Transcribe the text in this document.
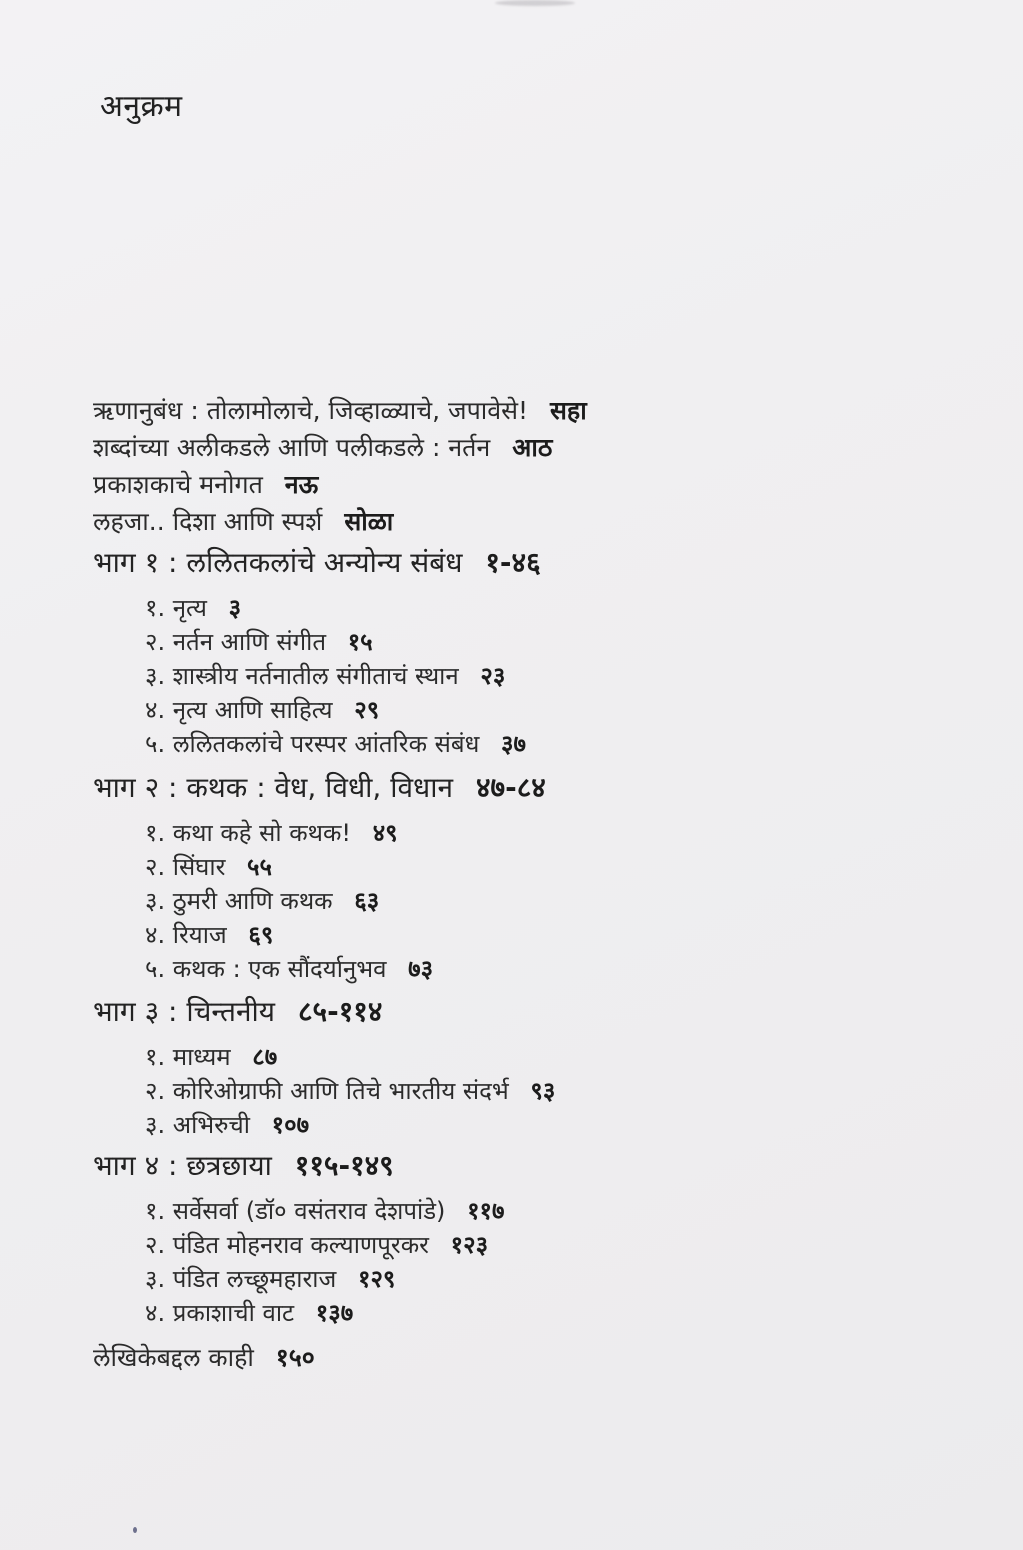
अनुक्रम
ऋणानुबंध : तोलामोलाचे, जिव्हाळ्याचे, जपावेसे! सहा
शब्दांच्या अलीकडले आणि पलीकडले : नर्तन आठ
प्रकाशकाचे मनोगत नऊ
लहजा.. दिशा आणि स्पर्श सोळा
भाग १ : ललितकलांचे अन्योन्य संबंध १-४६
१. नृत्य ३
२. नर्तन आणि संगीत १५
३. शास्त्रीय नर्तनातील संगीताचं स्थान २३
४. नृत्य आणि साहित्य २९
५. ललितकलांचे परस्पर आंतरिक संबंध ३७
भाग २ : कथक : वेध, विधी, विधान ४७-८४
१. कथा कहे सो कथक! ४९
२. सिंघार ५५
३. ठुमरी आणि कथक ६३
४. रियाज ६९
५. कथक : एक सौंदर्यानुभव ७३
भाग ३ : चिन्तनीय ८५-११४
१. माध्यम ८७
२. कोरिओग्राफी आणि तिचे भारतीय संदर्भ ९३
३. अभिरुची १०७
भाग ४ : छत्रछाया ११५-१४९
१. सर्वेसर्वा (डॉ० वसंतराव देशपांडे) ११७
२. पंडित मोहनराव कल्याणपूरकर १२३
३. पंडित लच्छूमहाराज १२९
४. प्रकाशाची वाट १३७
लेखिकेबद्दल काही १५०
